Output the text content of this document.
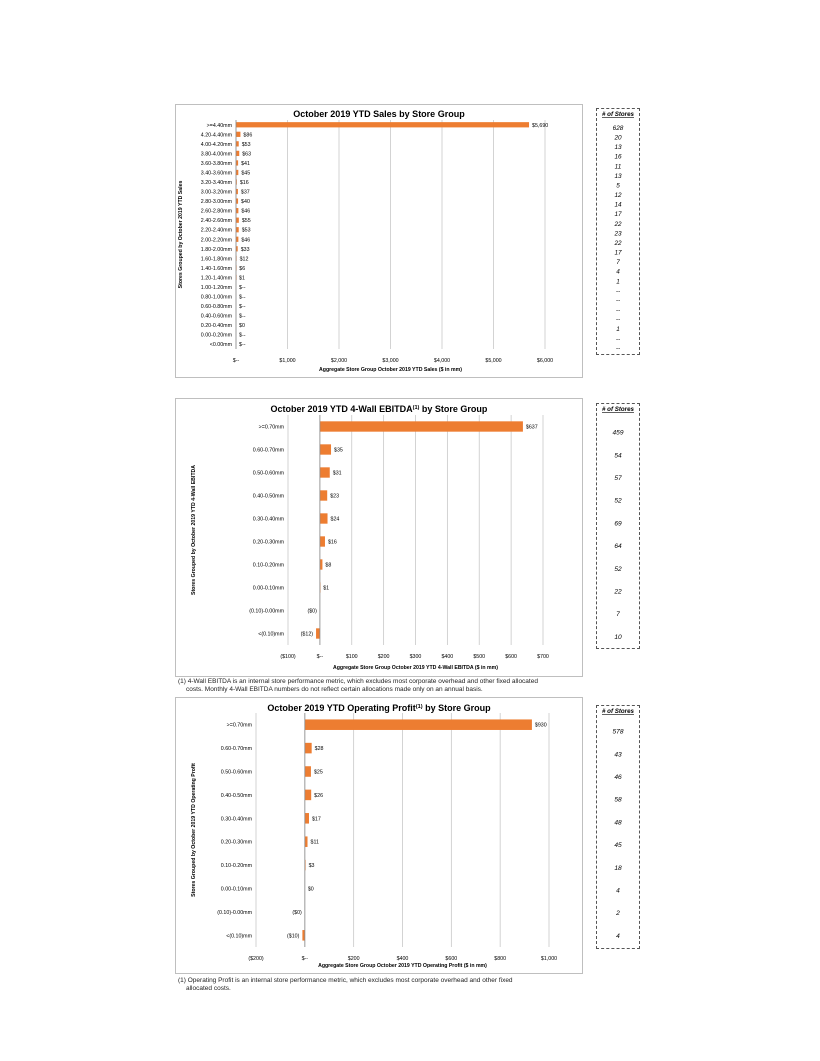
October 2019 YTD Sales by Store Group
$--	$1,000	$2,000	$3,000	$4,000	$5,000	$6,000
>=4.40mm	$5,690
4.20-4.40mm $86
4.00-4.20mm $53
3.80-4.00mm $63
3.60-3.80mm $41
3.40-3.60mm $45
3.20-3.40mm $16
3.00-3.20mm $37
2.80-3.00mm $40
2.60-2.80mm $46
2.40-2.60mm $55
2.20-2.40mm $53
2.00-2.20mm $46
1.80-2.00mm $33
1.60-1.80mm $12
1.40-1.60mm $6
1.20-1.40mm $1
1.00-1.20mm $--
0.80-1.00mm $--
0.60-0.80mm $--
0.40-0.60mm $--
0.20-0.40mm $0
0.00-0.20mm $--
<0.00mm $--
Aggregate Store Group October 2019 YTD Sales ($ in mm)
Stores Grouped by October 2019 YTD Sales
# of Stores
628
20
13
16
11
13
5
12
14
17
22
23
22
17
7
4
1
--
--
--
--
1
--
--
October 2019 YTD 4-Wall EBITDA$^{(1)}$ by Store Group
($100)	$--	$100	$200	$300	$400	$500	$600	$700
>=0.70mm	$637
0.60-0.70mm	$35
0.50-0.60mm	$31
0.40-0.50mm	$23
0.30-0.40mm	$24
0.20-0.30mm	$16
0.10-0.20mm	$8
0.00-0.10mm	$1
(0.10)-0.00mm	($0)
<(0.10)mm	($12)
Aggregate Store Group October 2019 YTD 4-Wall EBITDA ($ in mm)
Stores Grouped by October 2019 YTD 4-Wall EBITDA
# of Stores
459
54
57
52
69
64
52
22
7
10
(1) 4-Wall EBITDA is an internal store performance metric, which excludes most corporate overhead and other fixed allocated
costs. Monthly 4-Wall EBITDA numbers do not reflect certain allocations made only on an annual basis.
October 2019 YTD Operating Profit$^{(1)}$ by Store Group
($200)	$--	$200	$400	$600	$800	$1,000
>=0.70mm	$930
0.60-0.70mm	$28
0.50-0.60mm	$25
0.40-0.50mm	$26
0.30-0.40mm	$17
0.20-0.30mm	$11
0.10-0.20mm	$3
0.00-0.10mm	$0
(0.10)-0.00mm	($0)
<(0.10)mm	($10)
Aggregate Store Group October 2019 YTD Operating Profit ($ in mm)
Stores Grouped by October 2019 YTD Operating Profit
# of Stores
578
43
46
58
48
45
18
4
2
4
(1) Operating Profit is an internal store performance metric, which excludes most corporate overhead and other fixed
allocated costs.
